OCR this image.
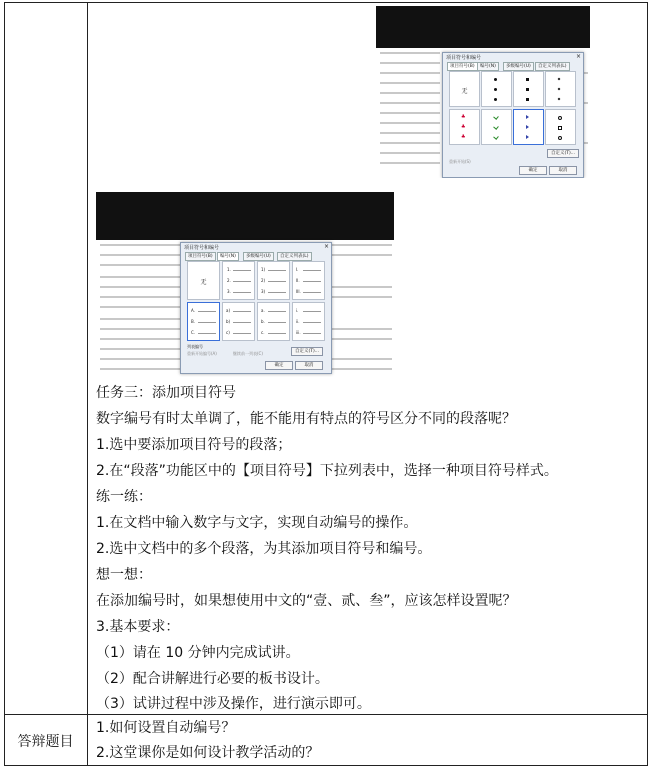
项目符号和编号	×
项目符号(B)	编号(N)	多级编号(U)	自定义列表(L)
无
♣
♣
♣
自定义(T)...
重新开始(S)
确定	取消
项目符号和编号	×
项目符号(B)	编号(N)	多级编号(U)	自定义列表(L)
无
1.
2.
3.
1)
2)
3)
I.
II.
III.
A.
B.
C.
a)
b)
c)
a.
b.
c.
i.
ii.
iii.
列表编号
重新开始编号(A)	继续前一列表(C)	自定义(T)...
确定	取消
任务三：添加项目符号
数字编号有时太单调了，能不能用有特点的符号区分不同的段落呢？
1.选中要添加项目符号的段落；
2.在“段落”功能区中的【项目符号】下拉列表中，选择一种项目符号样式。
练一练：
1.在文档中输入数字与文字，实现自动编号的操作。
2.选中文档中的多个段落，为其添加项目符号和编号。
想一想：
在添加编号时，如果想使用中文的“壹、贰、叁”，应该怎样设置呢？
3.基本要求：
（1）请在 10 分钟内完成试讲。
（2）配合讲解进行必要的板书设计。
（3）试讲过程中涉及操作，进行演示即可。
答辩题目
1.如何设置自动编号？
2.这堂课你是如何设计教学活动的？
